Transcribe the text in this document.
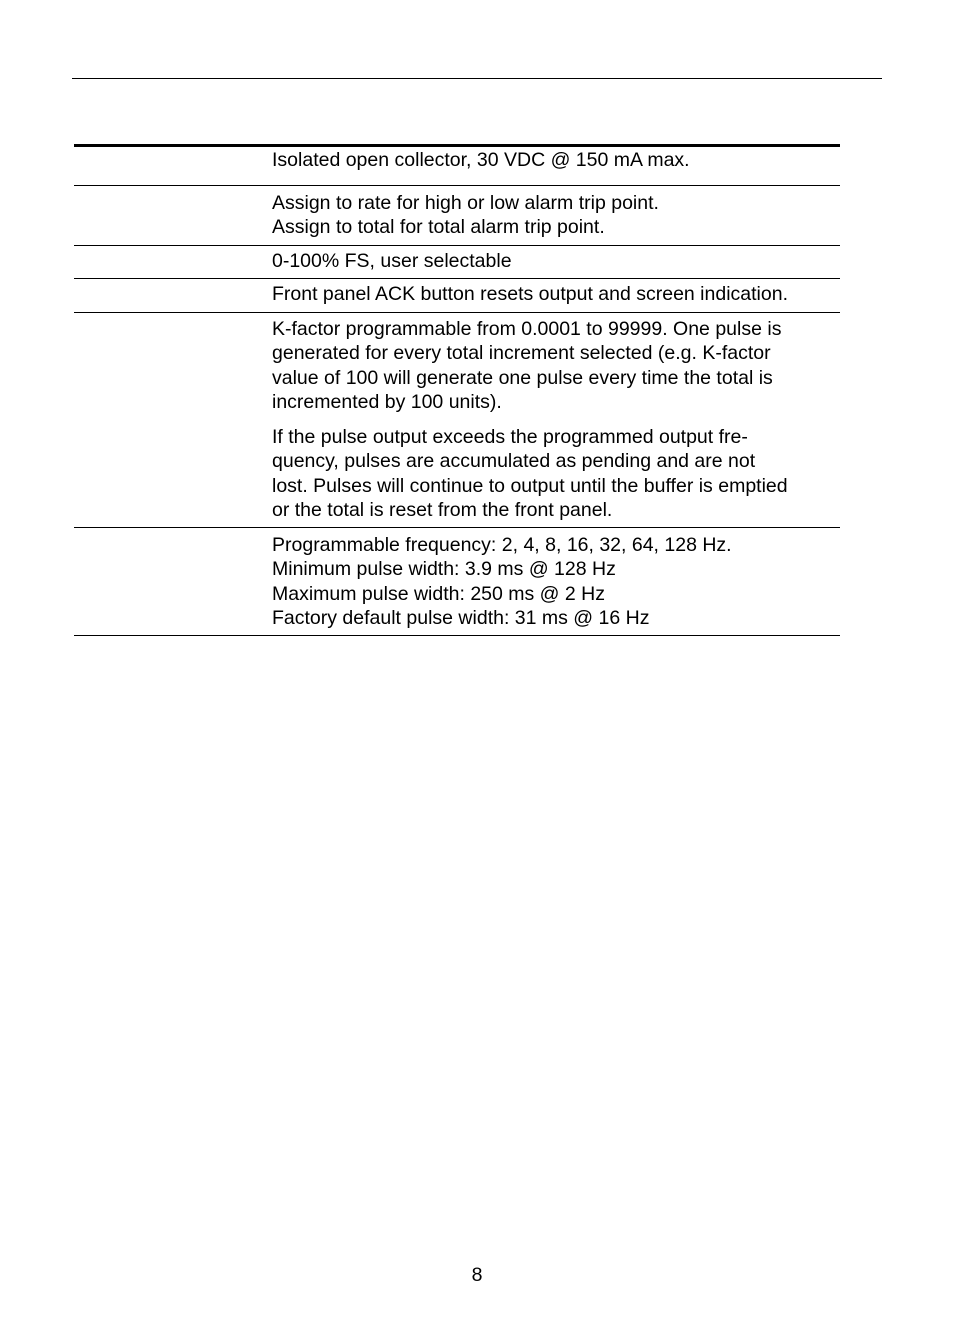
Isolated open collector, 30 VDC @ 150 mA max.
Assign to rate for high or low alarm trip point.
Assign to total for total alarm trip point.
0-100% FS, user selectable
Front panel ACK button resets output and screen indication.
K-factor programmable from 0.0001 to 99999. One pulse is
generated for every total increment selected (e.g. K-factor
value of 100 will generate one pulse every time the total is
incremented by 100 units).
If the pulse output exceeds the programmed output fre-
quency, pulses are accumulated as pending and are not
lost. Pulses will continue to output until the buffer is emptied
or the total is reset from the front panel.
Programmable frequency: 2, 4, 8, 16, 32, 64, 128 Hz.
Minimum pulse width: 3.9 ms @ 128 Hz
Maximum pulse width: 250 ms @ 2 Hz
Factory default pulse width: 31 ms @ 16 Hz
8
